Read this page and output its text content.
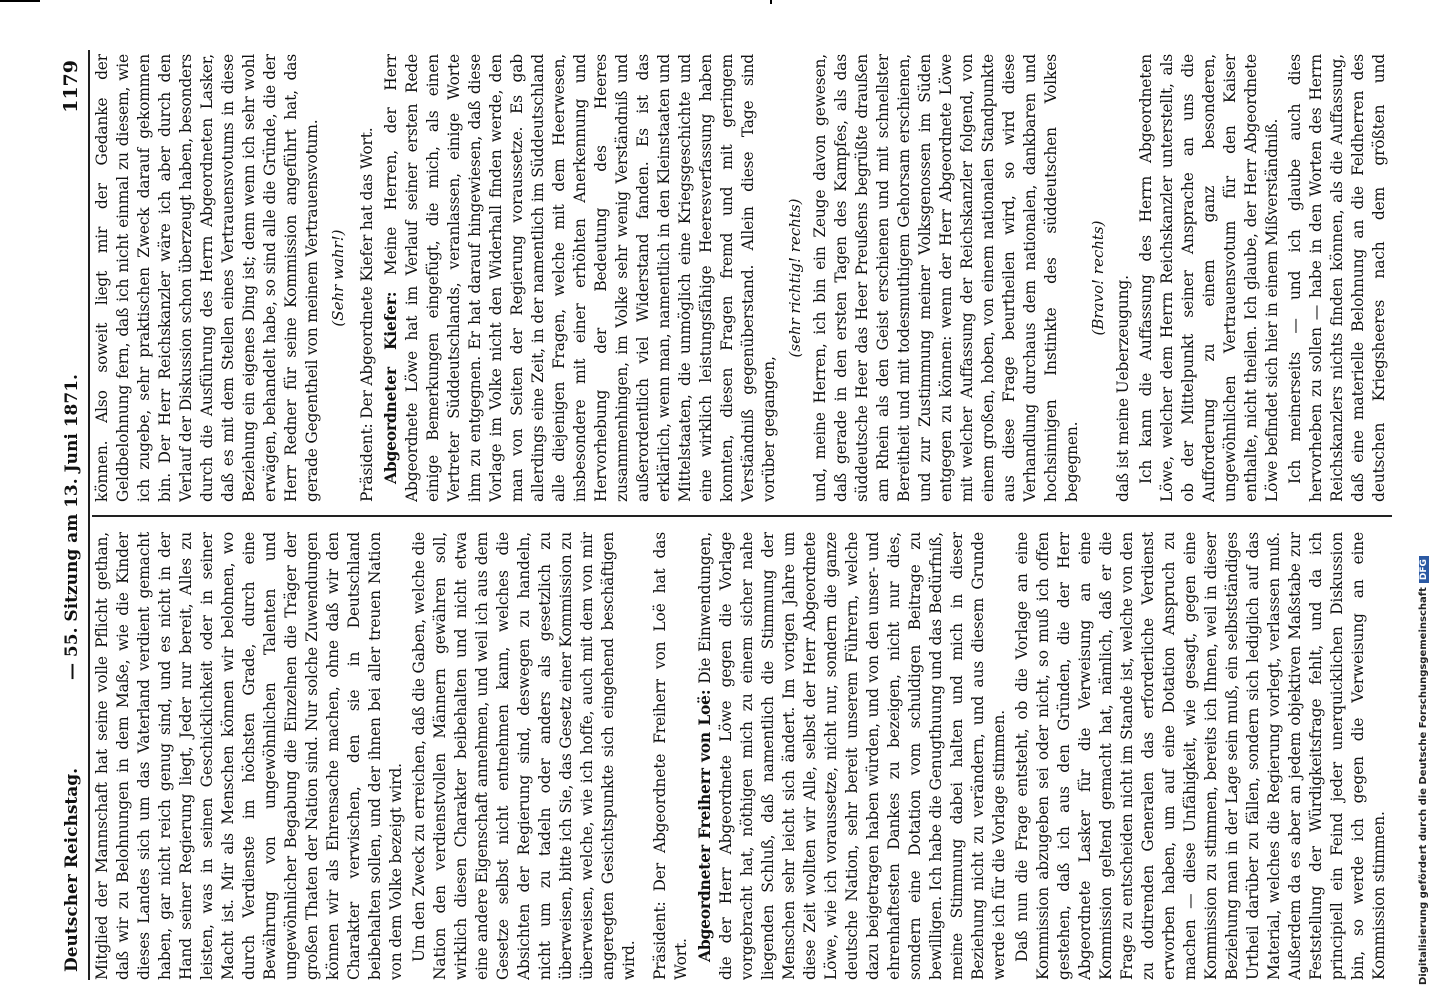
Deutscher Reichstag.
— 55. Sitzung am 13. Juni 1871.
1179

Mitglied der Mannschaft hat seine volle Pflicht gethan, daß wir zu Belohnungen in dem Maße, wie die Kinder dieses Landes sich um das Vaterland verdient gemacht haben, gar nicht reich genug sind, und es nicht in der Hand seiner Regierung liegt, Jeder nur bereit, Alles zu leisten, was in seinen Geschicklichkeit oder in seiner Macht ist. Mir als Menschen können wir belohnen, wo durch Verdienste im höchsten Grade, durch eine Bewährung von ungewöhnlichen Talenten und ungewöhnlicher Begabung die Einzelnen die Träger der großen Thaten der Nation sind. Nur solche Zuwendungen können wir als Ehrensache machen, ohne daß wir den Charakter verwischen, den sie in Deutschland beibehalten sollen, und der ihnen bei aller treuen Nation von dem Volke bezeigt wird. Um den Zweck zu erreichen, daß die Gaben, welche die Nation den verdienstvollen Männern gewähren soll, wirklich diesen Charakter beibehalten und nicht etwa eine andere Eigenschaft annehmen, und weil ich aus dem Gesetze selbst nicht entnehmen kann, welches die Absichten der Regierung sind, deswegen zu handeln, nicht um zu tadeln oder anders als gesetzlich zu überweisen, bitte ich Sie, das Gesetz einer Kommission zu überweisen, welche, wie ich hoffe, auch mit dem von mir angeregten Gesichtspunkte sich eingehend beschäftigen wird. Präsident: Der Abgeordnete Freiherr von Loë hat das Wort. Abgeordneter Freiherr von Loë: Die Einwendungen, die der Herr Abgeordnete Löwe gegen die Vorlage vorgebracht hat, nöthigen mich zu einem sicher nahe liegenden Schluß, daß namentlich die Stimmung der Menschen sehr leicht sich ändert. Im vorigen Jahre um diese Zeit wollten wir Alle, selbst der Herr Abgeordnete Löwe, wie ich voraussetze, nicht nur, sondern die ganze deutsche Nation, sehr bereit unserem Führern, welche dazu beigetragen haben würden, und von den unser- und ehrenhaftesten Dankes zu bezeigen, nicht nur dies, sondern eine Dotation vom schuldigen Beitrage zu bewilligen. Ich habe die Genugthuung und das Bedürfniß, meine Stimmung dabei halten und mich in dieser Beziehung nicht zu verändern, und aus diesem Grunde werde ich für die Vorlage stimmen. Daß nun die Frage entsteht, ob die Vorlage an eine Kommission abzugeben sei oder nicht, so muß ich offen gestehen, daß ich aus den Gründen, die der Herr Abgeordnete Lasker für die Verweisung an eine Kommission geltend gemacht hat, nämlich, daß er die Frage zu entscheiden nicht im Stande ist, welche von den zu dotirenden Generalen das erforderliche Verdienst erworben haben, um auf eine Dotation Anspruch zu machen — diese Unfähigkeit, wie gesagt, gegen eine Kommission zu stimmen, bereits ich Ihnen, weil in dieser Beziehung man in der Lage sein muß, ein selbstständiges Urtheil darüber zu fällen, sondern sich lediglich auf das Material, welches die Regierung vorlegt, verlassen muß. Außerdem da es aber an jedem objektiven Maßstabe zur Feststellung der Würdigkeitsfrage fehlt, und da ich principiell ein Feind jeder unerquicklichen Diskussion bin, so werde ich gegen die Verweisung an eine Kommission stimmen.

können. Also soweit liegt mir der Gedanke der Geldbelohnung fern, daß ich nicht einmal zu diesem, wie ich zugebe, sehr praktischen Zweck darauf gekommen bin. Der Herr Reichskanzler wäre ich aber durch den Verlauf der Diskussion schon überzeugt haben, besonders durch die Ausführung des Herrn Abgeordneten Lasker, daß es mit dem Stellen eines Vertrauensvotums in diese Beziehung ein eigenes Ding ist; denn wenn ich sehr wohl erwägen, behandelt habe, so sind alle die Gründe, die der Herr Redner für seine Kommission angeführt hat, das gerade Gegentheil von meinem Vertrauensvotum. (Sehr wahr!) Präsident: Der Abgeordnete Kiefer hat das Wort. Abgeordneter Kiefer: Meine Herren, der Herr Abgeordnete Löwe hat im Verlauf seiner ersten Rede einige Bemerkungen eingefügt, die mich, als einen Vertreter Süddeutschlands, veranlassen, einige Worte ihm zu entgegnen. Er hat darauf hingewiesen, daß diese Vorlage im Volke nicht den Widerhall finden werde, den man von Seiten der Regierung voraussetze. Es gab allerdings eine Zeit, in der namentlich im Süddeutschland alle diejenigen Fragen, welche mit dem Heerwesen, insbesondere mit einer erhöhten Anerkennung und Hervorhebung der Bedeutung des Heeres zusammenhingen, im Volke sehr wenig Verständniß und außerordentlich viel Widerstand fanden. Es ist das erklärlich, wenn man, namentlich in den Kleinstaaten und Mittelstaaten, die unmöglich eine Kriegsgeschichte und eine wirklich leistungsfähige Heeresverfassung haben konnten, diesen Fragen fremd und mit geringem Verständniß gegenüberstand. Allein diese Tage sind vorüber gegangen,

(sehr richtig! rechts) und, meine Herren, ich bin ein Zeuge davon gewesen, daß gerade in den ersten Tagen des Kampfes, als das süddeutsche Heer das Heer Preußens begrüßte draußen am Rhein als den Geist erschienen und mit schnellster Bereitheit und mit todesmuthigem Gehorsam erschienen, und zur Zustimmung meiner Volksgenossen im Süden entgegen zu können: wenn der Herr Abgeordnete Löwe mit welcher Auffassung der Reichskanzler folgend, von einem großen, hoben, von einem nationalen Standpunkte aus diese Frage beurtheilen wird, so wird diese Verhandlung durchaus dem nationalen, dankbaren und hochsinnigen Instinkte des süddeutschen Volkes begegnen.

(Bravo! rechts) daß ist meine Ueberzeugung. Ich kann die Auffassung des Herrn Abgeordneten Löwe, welcher dem Herrn Reichskanzler unterstellt, als ob der Mittelpunkt seiner Ansprache an uns die Aufforderung zu einem ganz besonderen, ungewöhnlichen Vertrauensvotum für den Kaiser enthalte, nicht theilen. Ich glaube, der Herr Abgeordnete Löwe befindet sich hier in einem Mißverständniß. Ich meinerseits — und ich glaube auch dies hervorheben zu sollen — habe in den Worten des Herrn Reichskanzlers nichts finden können, als die Auffassung, daß eine materielle Belohnung an die Feldherren des deutschen Kriegsheeres nach dem größten und

Digitalisierung gefördert durch die Deutsche ForschungsgemeinschaftDFG
